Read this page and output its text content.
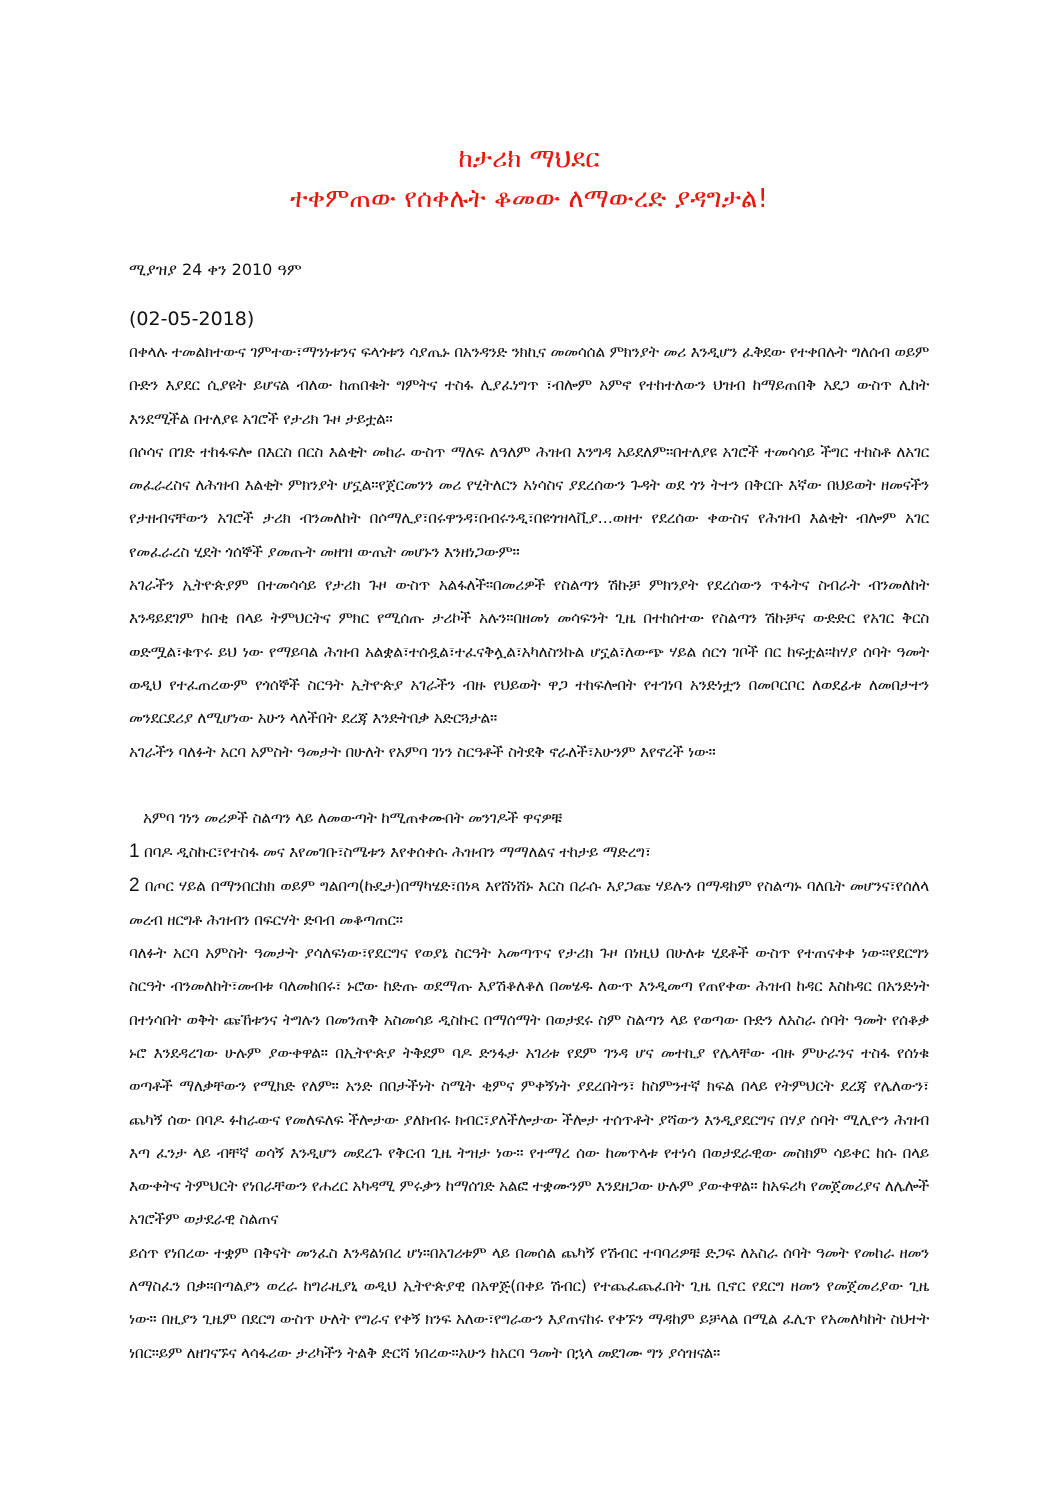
ከታሪክ ማህደር
ተቀምጠው የሰቀሉት ቆመው ለማውረድ ያዳግታል!

ሚያዝያ 24 ቀን 2010 ዓም

(02-05-2018)

በቀላሉ ተመልክተውና ገምተው፣ማንነቱንና ፍላጎቱን ሳያጤኑ በአንዳንድ ንክኪና መመሳሰል ምክንያት መሪ እንዲሆን ፈቅደው የተቀበሉት ግለሰብ ወይም ቡድን እያደር ሲያዩት ይሆናል ብለው ከጠበቁት ግምትና ተስፋ ሊያፈነግጥ ፣ብሎም አምኖ የተከተለውን ህዝብ ከማይጠበቅ አደጋ ውስጥ ሊከት እንደሚችል በተለያዩ አገሮች የታሪክ ጉዞ ታይቷል።

በሶሳና በገድ ተከፋፍሎ በእርስ በርስ እልቂት መከራ ውስጥ ማለፍ ለዓለም ሕዝብ እንግዳ አይደለም።በተለያዩ አገሮች ተመሳሳይ ችግር ተከስቶ ለአገር መፈራረስና ለሕዝብ እልቂት ምክንያት ሆኗል።የጀርመንን መሪ የሂትለርን አነሳስና ያደረሰውን ጉዳት ወደ ጎን ትተን በቅርቡ እኛው በህይወት ዘመናችን የታዘብናቸውን አገሮች ታሪክ ብንመለከት በሶማሊያ፣በሩዋንዳ፣በብሩንዲ፣በዩጎዝላቪያ…ወዘተ የደረሰው ቀውስና የሕዝብ እልቂት ብሎም አገር የመፈራረስ ሂደት ጎሰኞች ያመጡት መዘዝ ውጤት መሆኑን እንዘነጋውም።

አገራችን ኢትዮጵያም በተመሳሳይ የታሪክ ጉዞ ውስጥ አልፋለች።በመሪዎች የስልጣን ሽኩቻ ምክንያት የደረሰውን ጥፋትና ስብራት ብንመለከት እንዳይደገም ከበቂ በላይ ትምህርትና ምክር የሚሰጡ ታሪኮች አሉን።በዘመነ መሳፍንት ጊዜ በተከሰተው የስልጣን ሽኩቻና ውድድር የአገር ቅርስ ወድሟል፣ቁጥሩ ይህ ነው የማይባል ሕዝብ አልቋል፣ተሰዷል፣ተፈናቅሏል፣አካለስንኩል ሆኗል፣ለውጭ ሃይል ሰርጎ ገቦች በር ከፍቷል።ከሃያ ሰባት ዓመት ወዲህ የተፈጠረውም የጎሰኞች ስርዓት ኢትዮጵያ አገራችን ብዙ የህይወት ዋጋ ተከፍሎበት የተገነባ አንድነቷን በመቦርቦር ለወደፊቱ ለመበታተን መንደርደሪያ ለሚሆነው አሁን ላለችበት ደረጃ እንድትበቃ አድርጓታል።

አገራችን ባለፉት አርባ አምስት ዓመታት በሁለት የአምባ ገነን ስርዓቶች ስትደቅ ኖራለች፣አሁንም እየኖረች ነው።

አምባ ገነን መሪዎች ስልጣን ላይ ለመውጣት ከሚጠቀሙበት መንገዶች ዋናዎቹ

1 በባዶ ዲስኩር፣የተስፋ መና እየመገቡ፣ስሜቱን እየቀሰቀሱ ሕዝብን ማማለልና ተከታይ ማድረግ፣

2 በጦር ሃይል በማንበርከክ ወይም ግልበጣ(ኩዴታ)በማካሄድ፣በነጻ እየሸነሸኑ እርስ በራሱ እያጋጩ ሃይሉን በማዳከም የስልጣኑ ባለቤት መሆንና፣የሰለላ መረብ ዘርግቶ ሕዝብን በፍርሃት ድባብ መቆጣጠር።

ባለፉት አርባ አምስት ዓመታት ያሳለፍነው፣የደርግና የወያኔ ስርዓት አመጣጥና የታሪክ ጉዞ በነዚህ በሁለቱ ሂደቶች ውስጥ የተጠናቀቀ ነው።የደርግን ስርዓት ብንመለከት፣መብቱ ባለመከበሩ፣ ኑሮው ከድጡ ወደማጡ እያሽቆለቆለ በመሄዱ ለውጥ እንዲመጣ የጠየቀው ሕዝብ ከዳር እስከዳር በአንድነት በተነሳበት ወቅት ጩኸቱንና ትግሉን በመንጠቅ አስመሳይ ዲስኩር በማሰማት በወታደሩ ስም ስልጣን ላይ የወጣው ቡድን ለአስራ ሰባት ዓመት የሰቆቃ ኑሮ እንደዳረገው ሁሉም ያውቀዋል። በኢትዮጵያ ትቅደም ባዶ ድንፋታ አገሪቱ የደም ገንዳ ሆና መተኪያ የሌላቸው ብዙ ምሁራንና ተስፋ የሰነቁ ወጣቶች ማለቃቸውን የሚክድ የለም። አንድ በበታችነት ስሜት ቂምና ምቀኝነት ያደረበትን፣ ከስምንተኛ ክፍል በላይ የትምህርት ደረጃ የሌለውን፣ ጨካኝ ሰው በባዶ ፉከራውና የመለፍለፍ ችሎታው ያለክብሩ ክብር፣ያለችሎታው ችሎታ ተሰጥቶት ያሻውን እንዲያደርግና በሃያ ሰባት ሚሊዮን ሕዝብ እጣ ፈንታ ላይ ብቸኛ ወሳኝ እንዲሆን መደረጉ የቅርብ ጊዜ ትዝታ ነው። የተማረ ሰው ከመጥላቱ የተነሳ በወታደራዊው መስክም ሳይቀር ከሱ በላይ እውቀትና ትምህርት የነበራቸውን የሐረር አካዳሚ ምሩቃን ከማሰገድ አልፎ ተቋሙንም እንደዘጋው ሁሉም ያውቀዋል። ከአፍሪካ የመጀመሪያና ለሌሎች አገሮችም ወታደራዊ ስልጠና

ይሰጥ የነበረው ተቋም በቅናት መንፈስ እንዳልነበረ ሆነ።በአገሪቱም ላይ በመሰል ጨካኝ የሽብር ተባባሪዎቹ ድጋፍ ለአስራ ሰባት ዓመት የመከራ ዘመን ለማስፈን በቃ።በጣልያን ወረራ ከግራዚያኒ ወዲህ ኢትዮጵያዊ በአዋጅ(በቀይ ሽብር) የተጨፈጨፈበት ጊዜ ቢኖር የደርግ ዘመን የመጀመሪያው ጊዜ ነው። በዚያን ጊዜም በደርግ ውስጥ ሁለት የግራና የቀኝ ክንፍ አለው፣የግራውን እያጠናከሩ የቀኙን ማዳከም ይቻላል በሚል ፈሊጥ የአመለካከት ስህተት ነበር።ይም ለዘገናኙና ላሳፋሪው ታሪካችን ትልቅ ድርሻ ነበረው።አሁን ከአርባ ዓመት በኋላ መደገሙ ግን ያሳዝናል።
